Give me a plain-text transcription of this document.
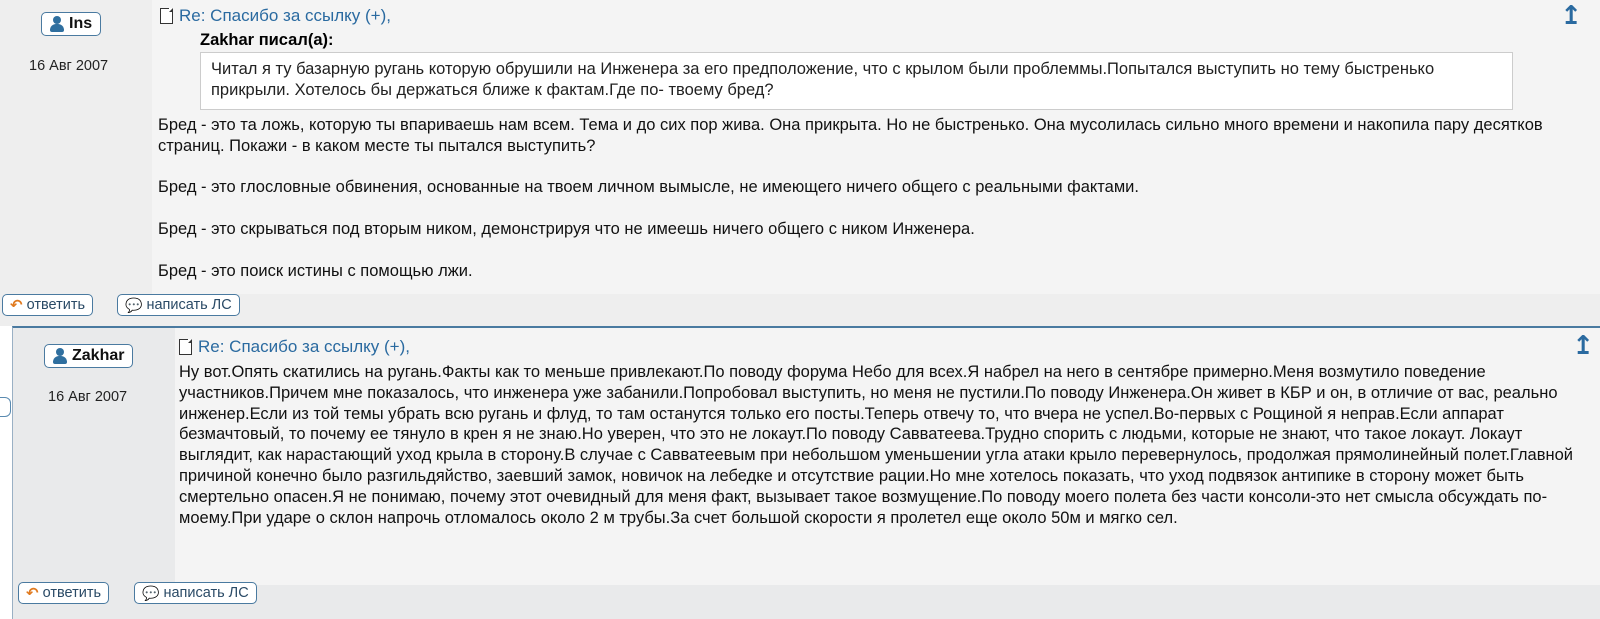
Ins
16 Авг 2007
Re: Спасибо за ссылку (+),	↥
Zakhar писал(а):
Читал я ту базарную ругань которую обрушили на Инженера за его предположение, что с крылом были проблеммы.Попытался выступить но тему быстренько прикрыли. Хотелось бы держаться ближе к фактам.Где по- твоему бред?

Бред - это та ложь, которую ты впариваешь нам всем. Тема и до сих пор жива. Она прикрыта. Но не быстренько. Она мусолилась сильно много времени и накопила пару десятков страниц. Покажи - в каком месте ты пытался выступить?

Бред - это глословные обвинения, основанные на твоем личном вымысле, не имеющего ничего общего с реальными фактами.

Бред - это скрываться под вторым ником, демонстрируя что не имеешь ничего общего с ником Инженера.

Бред - это поиск истины с помощью лжи.

↶ ответить	💬 написать ЛС
Zakhar
16 Авг 2007
Re: Спасибо за ссылку (+),	↥
Ну вот.Опять скатились на ругань.Факты как то меньше привлекают.По поводу форума Небо для всех.Я набрел на него в сентябре примерно.Меня возмутило поведение участников.Причем мне показалось, что инженера уже забанили.Попробовал выступить, но меня не пустили.По поводу Инженера.Он живет в КБР и он, в отличие от вас, реально инженер.Если из той темы убрать всю ругань и флуд, то там останутся только его посты.Теперь отвечу то, что вчера не успел.Во-первых с Рощиной я неправ.Если аппарат безмачтовый, то почему ее тянуло в крен я не знаю.Но уверен, что это не локаут.По поводу Савватеева.Трудно спорить с людьми, которые не знают, что такое локаут. Локаут выглядит, как нарастающий уход крыла в сторону.В случае с Савватеевым при небольшом уменьшении угла атаки крыло перевернулось, продолжая прямолинейный полет.Главной причиной конечно было разгильдяйство, заевший замок, новичок на лебедке и отсутствие рации.Но мне хотелось показать, что уход подвязок антипике в сторону может быть смертельно опасен.Я не понимаю, почему этот очевидный для меня факт, вызывает такое возмущение.По поводу моего полета без части консоли-это нет смысла обсуждать по-моему.При ударе о склон напрочь отломалось около 2 м трубы.За счет большой скорости я пролетел еще около 50м и мягко сел.
↶ ответить	💬 написать ЛС
